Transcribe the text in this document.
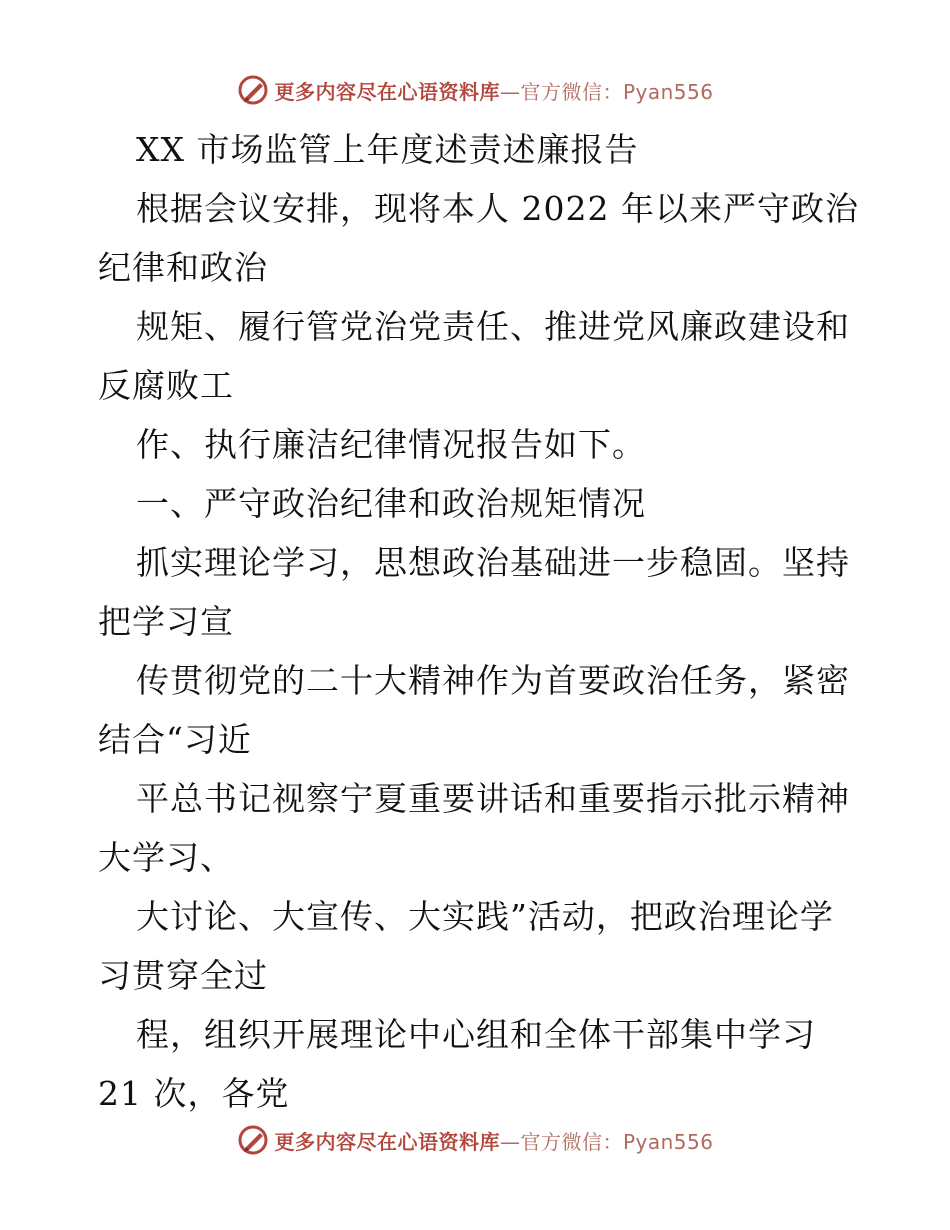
更多内容尽在心语资料库—官方微信：Pyan556
XX 市场监管上年度述责述廉报告
根据会议安排，现将本人 2022 年以来严守政治
纪律和政治
规矩、履行管党治党责任、推进党风廉政建设和
反腐败工
作、执行廉洁纪律情况报告如下。
一、严守政治纪律和政治规矩情况
抓实理论学习，思想政治基础进一步稳固。坚持
把学习宣
传贯彻党的二十大精神作为首要政治任务，紧密
结合“习近
平总书记视察宁夏重要讲话和重要指示批示精神
大学习、
大讨论、大宣传、大实践”活动，把政治理论学
习贯穿全过
程，组织开展理论中心组和全体干部集中学习
21 次，各党
更多内容尽在心语资料库—官方微信：Pyan556
